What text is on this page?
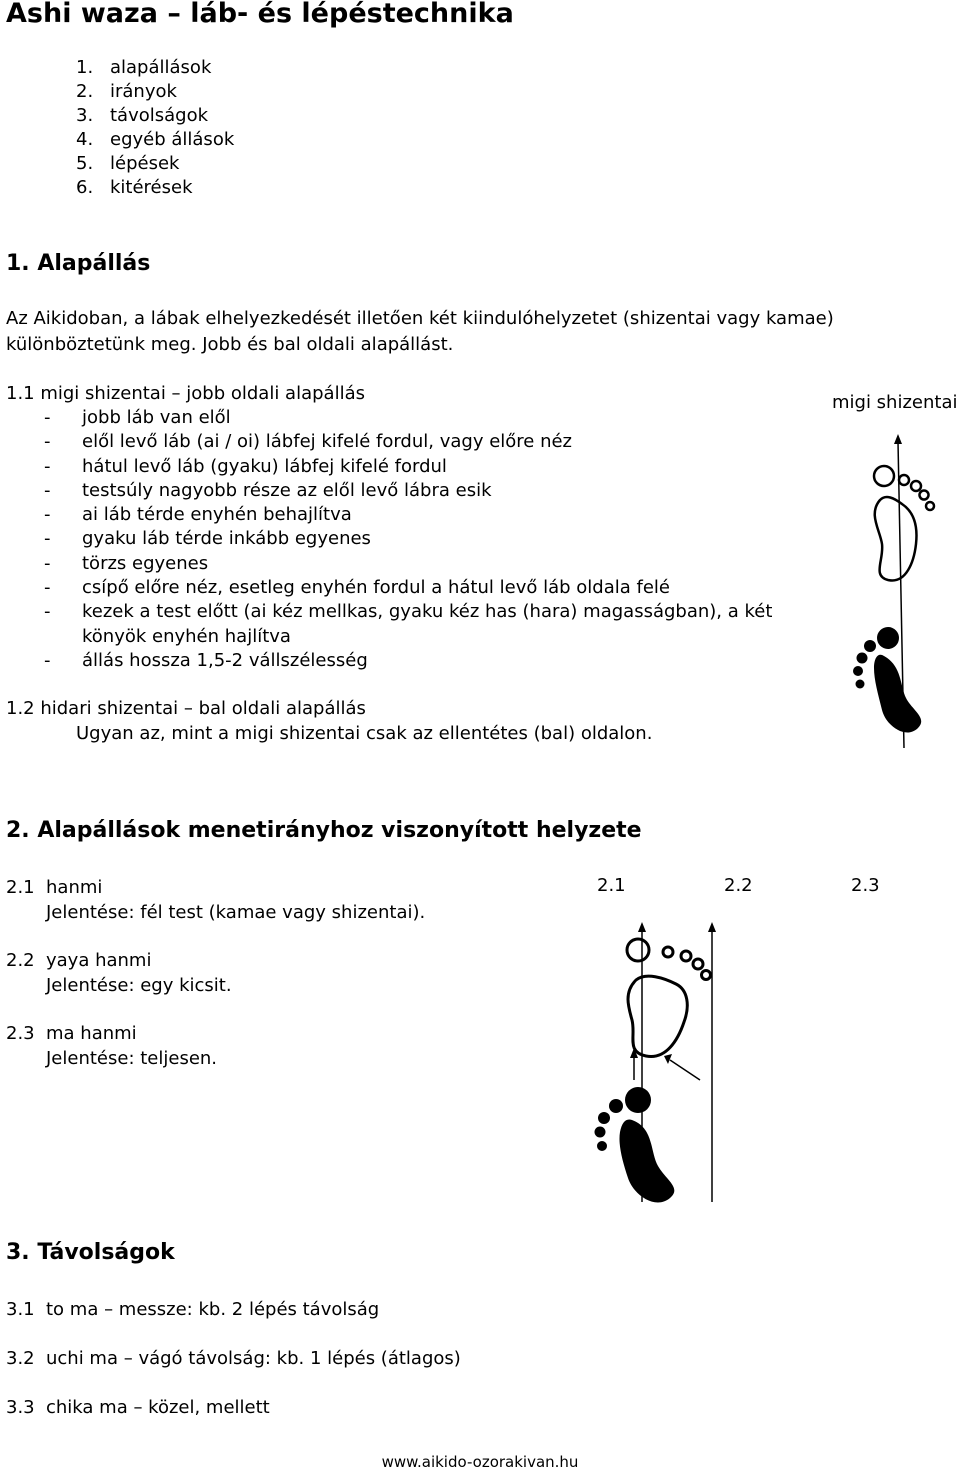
Ashi waza – láb- és lépéstechnika
1. alapállások
2. irányok
3. távolságok
4. egyéb állások
5. lépések
6. kitérések
1. Alapállás

Az Aikidoban, a lábak elhelyezkedését illetően két kiindulóhelyzetet (shizentai vagy kamae) különböztetünk meg. Jobb és bal oldali alapállást.

1.1 migi shizentai – jobb oldali alapállás
- jobb láb van elől
- elől levő láb (ai / oi) lábfej kifelé fordul, vagy előre néz
- hátul levő láb (gyaku) lábfej kifelé fordul
- testsúly nagyobb része az elől levő lábra esik
- ai láb térde enyhén behajlítva
- gyaku láb térde inkább egyenes
- törzs egyenes
- csípő előre néz, esetleg enyhén fordul a hátul levő láb oldala felé
- kezek a test előtt (ai kéz mellkas, gyaku kéz has (hara) magasságban), a két könyök enyhén hajlítva
- állás hossza 1,5-2 vállszélesség
migi shizentai
1.2 hidari shizentai – bal oldali alapállás
Ugyan az, mint a migi shizentai csak az ellentétes (bal) oldalon.
2. Alapállások menetirányhoz viszonyított helyzete
2.1 hanmi
Jelentése: fél test (kamae vagy shizentai).
2.2 yaya hanmi
Jelentése: egy kicsit.
2.3 ma hanmi
Jelentése: teljesen.
2.1	2.2	2.3
3. Távolságok
3.1 to ma – messze: kb. 2 lépés távolság
3.2 uchi ma – vágó távolság: kb. 1 lépés (átlagos)
3.3 chika ma – közel, mellett
www.aikido-ozorakivan.hu
